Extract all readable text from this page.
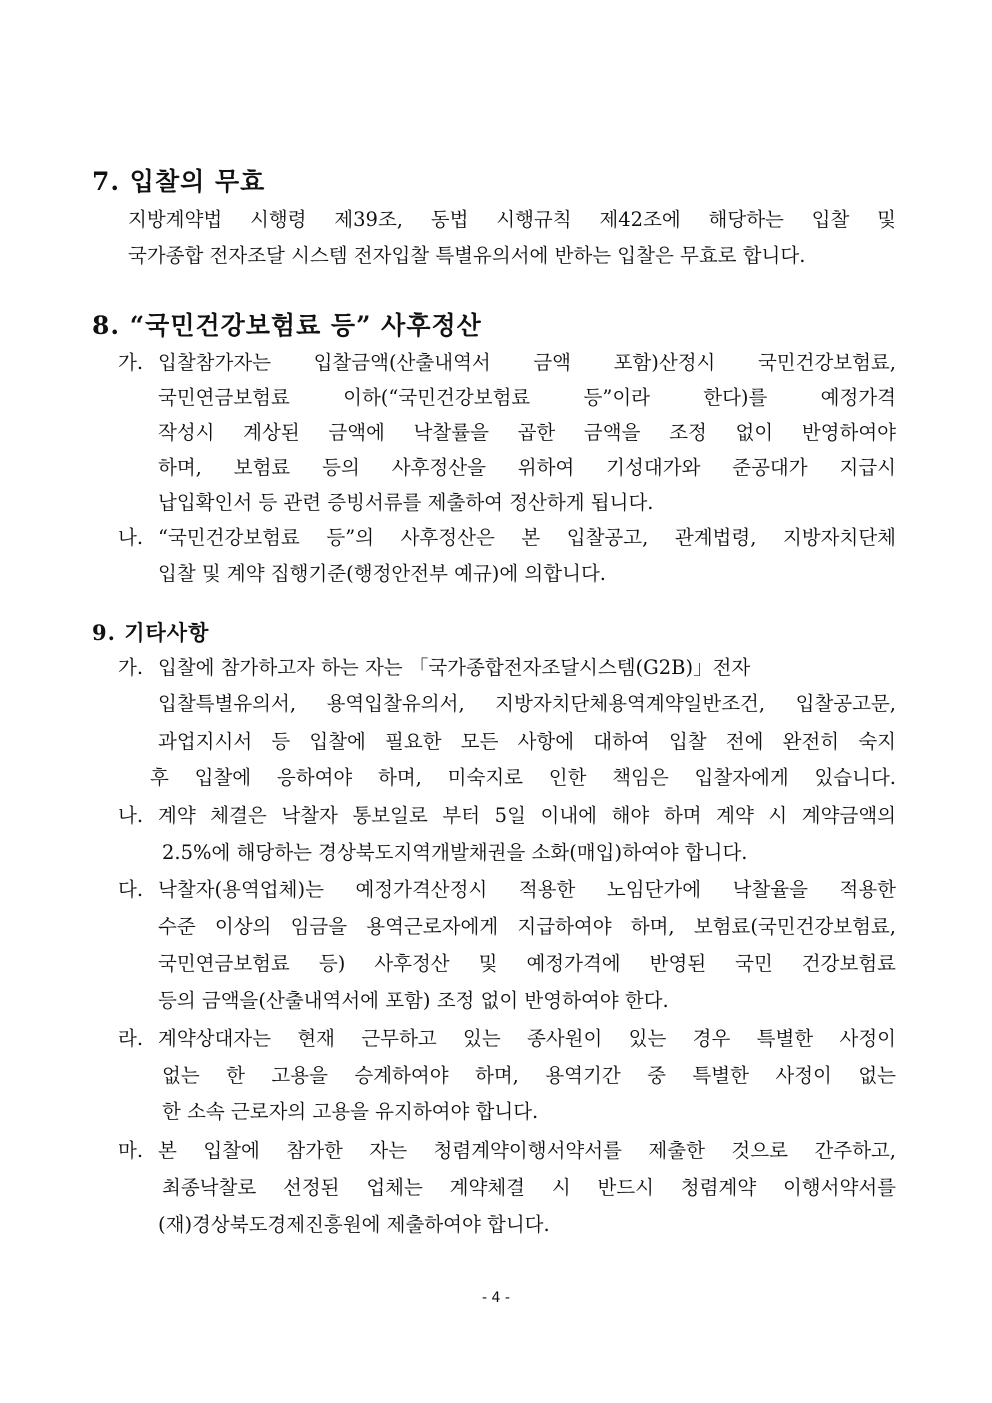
7. 입찰의 무효
지방계약법 시행령 제39조, 동법 시행규칙 제42조에 해당하는 입찰 및
국가종합 전자조달 시스템 전자입찰 특별유의서에 반하는 입찰은 무효로 합니다.
8. “국민건강보험료 등” 사후정산
가. 입찰참가자는 입찰금액(산출내역서 금액 포함)산정시 국민건강보험료,
국민연금보험료 이하(“국민건강보험료 등”이라 한다)를 예정가격
작성시 계상된 금액에 낙찰률을 곱한 금액을 조정 없이 반영하여야
하며, 보험료 등의 사후정산을 위하여 기성대가와 준공대가 지급시
납입확인서 등 관련 증빙서류를 제출하여 정산하게 됩니다.
나. “국민건강보험료 등”의 사후정산은 본 입찰공고, 관계법령, 지방자치단체
입찰 및 계약 집행기준(행정안전부 예규)에 의합니다.
9. 기타사항
가. 입찰에 참가하고자 하는 자는 「국가종합전자조달시스템(G2B)」전자
입찰특별유의서, 용역입찰유의서, 지방자치단체용역계약일반조건, 입찰공고문,
과업지시서 등 입찰에 필요한 모든 사항에 대하여 입찰 전에 완전히 숙지
후 입찰에 응하여야 하며, 미숙지로 인한 책임은 입찰자에게 있습니다.
나. 계약 체결은 낙찰자 통보일로 부터 5일 이내에 해야 하며 계약 시 계약금액의
2.5%에 해당하는 경상북도지역개발채권을 소화(매입)하여야 합니다.
다. 낙찰자(용역업체)는 예정가격산정시 적용한 노임단가에 낙찰율을 적용한
수준 이상의 임금을 용역근로자에게 지급하여야 하며, 보험료(국민건강보험료,
국민연금보험료 등) 사후정산 및 예정가격에 반영된 국민 건강보험료
등의 금액을(산출내역서에 포함) 조정 없이 반영하여야 한다.
라. 계약상대자는 현재 근무하고 있는 종사원이 있는 경우 특별한 사정이
없는 한 고용을 승계하여야 하며, 용역기간 중 특별한 사정이 없는
한 소속 근로자의 고용을 유지하여야 합니다.
마. 본 입찰에 참가한 자는 청렴계약이행서약서를 제출한 것으로 간주하고,
최종낙찰로 선정된 업체는 계약체결 시 반드시 청렴계약 이행서약서를
(재)경상북도경제진흥원에 제출하여야 합니다.
- 4 -
